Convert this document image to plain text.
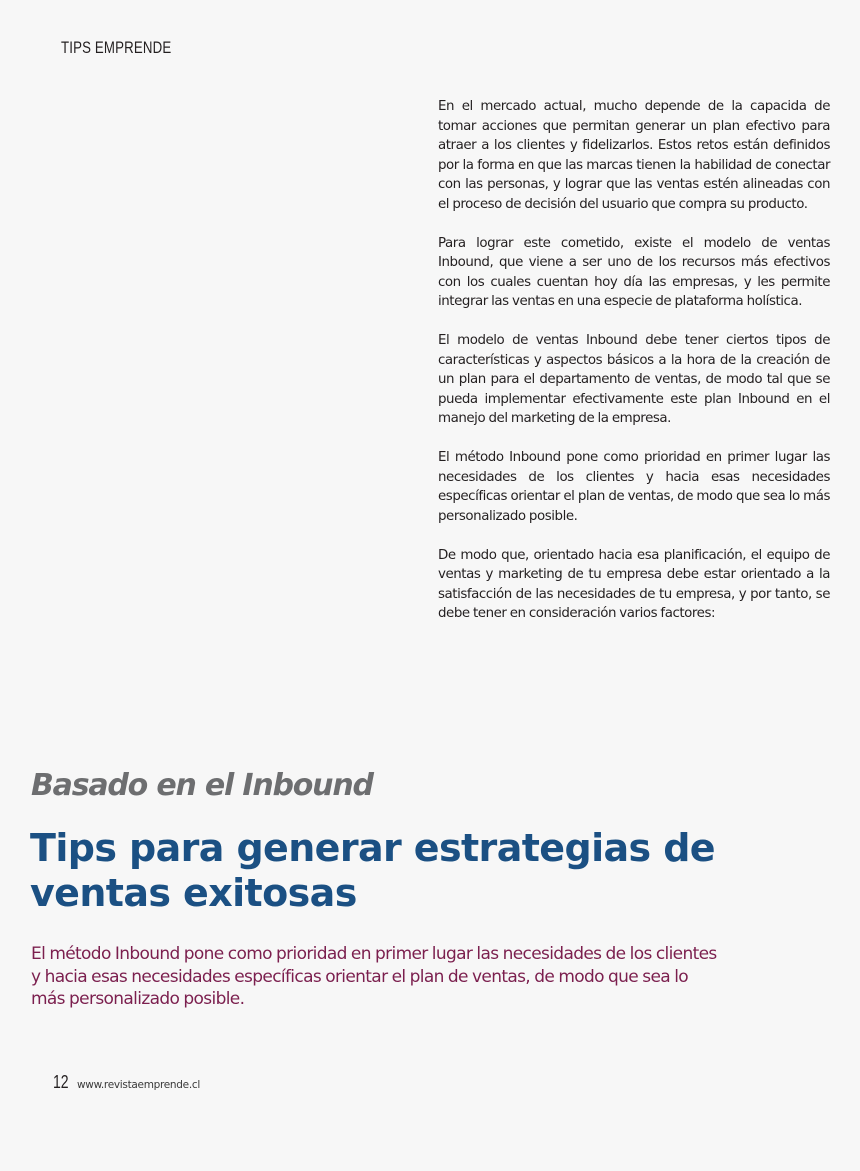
TIPS EMPRENDE

En el mercado actual, mucho depende de la capacida de tomar acciones que permitan generar un plan efectivo para atraer a los clientes y fidelizarlos. Estos retos están definidos por la forma en que las marcas tienen la habilidad de conectar con las personas, y lograr que las ventas estén alineadas con el proceso de decisión del usuario que compra su producto.

Para lograr este cometido, existe el modelo de ventas Inbound, que viene a ser uno de los recursos más efectivos con los cuales cuentan hoy día las empresas, y les permite integrar las ventas en una especie de plataforma holística.

El modelo de ventas Inbound debe tener ciertos tipos de características y aspectos básicos a la hora de la creación de un plan para el departamento de ventas, de modo tal que se pueda implementar efectivamente este plan Inbound en el manejo del marketing de la empresa.

El método Inbound pone como prioridad en primer lugar las necesidades de los clientes y hacia esas necesidades específicas orientar el plan de ventas, de modo que sea lo más personalizado posible.

De modo que, orientado hacia esa planificación, el equipo de ventas y marketing de tu empresa debe estar orientado a la satisfacción de las necesidades de tu empresa, y por tanto, se debe tener en consideración varios factores:

Basado en el Inbound
Tips para generar estrategias de ventas exitosas

El método Inbound pone como prioridad en primer lugar las necesidades de los clientes y hacia esas necesidades específicas orientar el plan de ventas, de modo que sea lo más personalizado posible.

12 www.revistaemprende.cl
